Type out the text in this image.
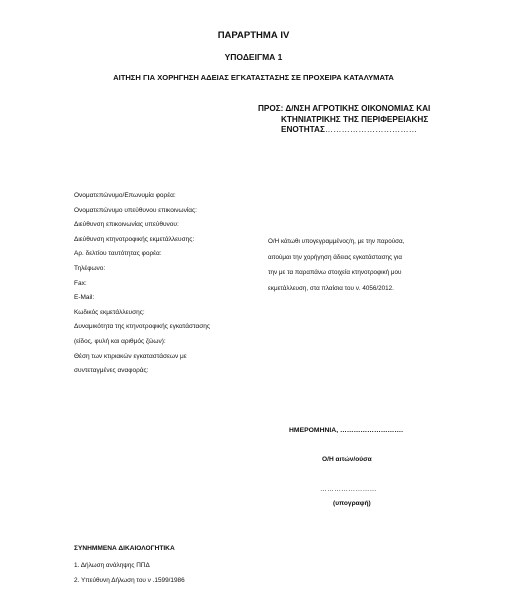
ΠΑΡΑΡΤΗΜΑ IV
ΥΠΟΔΕΙΓΜΑ 1
ΑΙΤΗΣΗ ΓΙΑ ΧΟΡΗΓΗΣΗ ΑΔΕΙΑΣ ΕΓΚΑΤΑΣΤΑΣΗΣ ΣΕ ΠΡΟΧΕΙΡΑ ΚΑΤΑΛΥΜΑΤΑ
ΠΡΟΣ: Δ/ΝΣΗ ΑΓΡΟΤΙΚΗΣ ΟΙΚΟΝΟΜΙΑΣ ΚΑΙ
ΚΤΗΝΙΑΤΡΙΚΗΣ ΤΗΣ ΠΕΡΙΦΕΡΕΙΑΚΗΣ
ΕΝΟΤΗΤΑΣ……………………………
Ονοματεπώνυμο/Επωνυμία φορέα:
Ονοματεπώνυμο υπεύθυνου επικοινωνίας:
Διεύθυνση επικοινωνίας υπεύθυνου:
Διεύθυνση κτηνοτροφικής εκμετάλλευσης:
Αρ. δελτίου ταυτότητας φορέα:
Τηλέφωνο:
Fax:
E-Mail:
Κωδικός εκμετάλλευσης:
Δυναμικότητα της κτηνοτροφικής εγκατάστασης
(είδος, φυλή και αριθμός ζώων):
Θέση των κτιριακών εγκαταστάσεων με
συντεταγμένες αναφοράς:
Ο/Η κάτωθι υπογεγραμμένος/η, με την παρούσα,
αιτούμαι την χορήγηση άδειας εγκατάστασης για
την με τα παραπάνω στοιχεία κτηνοτροφική μου
εκμετάλλευση, στα πλαίσια του ν. 4056/2012.
ΗΜΕΡΟΜΗΝΙΑ, ……………………….
Ο/Η αιτών/ούσα
……………………
(υπογραφή)
ΣΥΝΗΜΜΕΝΑ ΔΙΚΑΙΟΛΟΓΗΤΙΚΑ
1. Δήλωση ανάληψης ΠΠΔ
2. Υπεύθυνη Δήλωση του ν .1599/1986
